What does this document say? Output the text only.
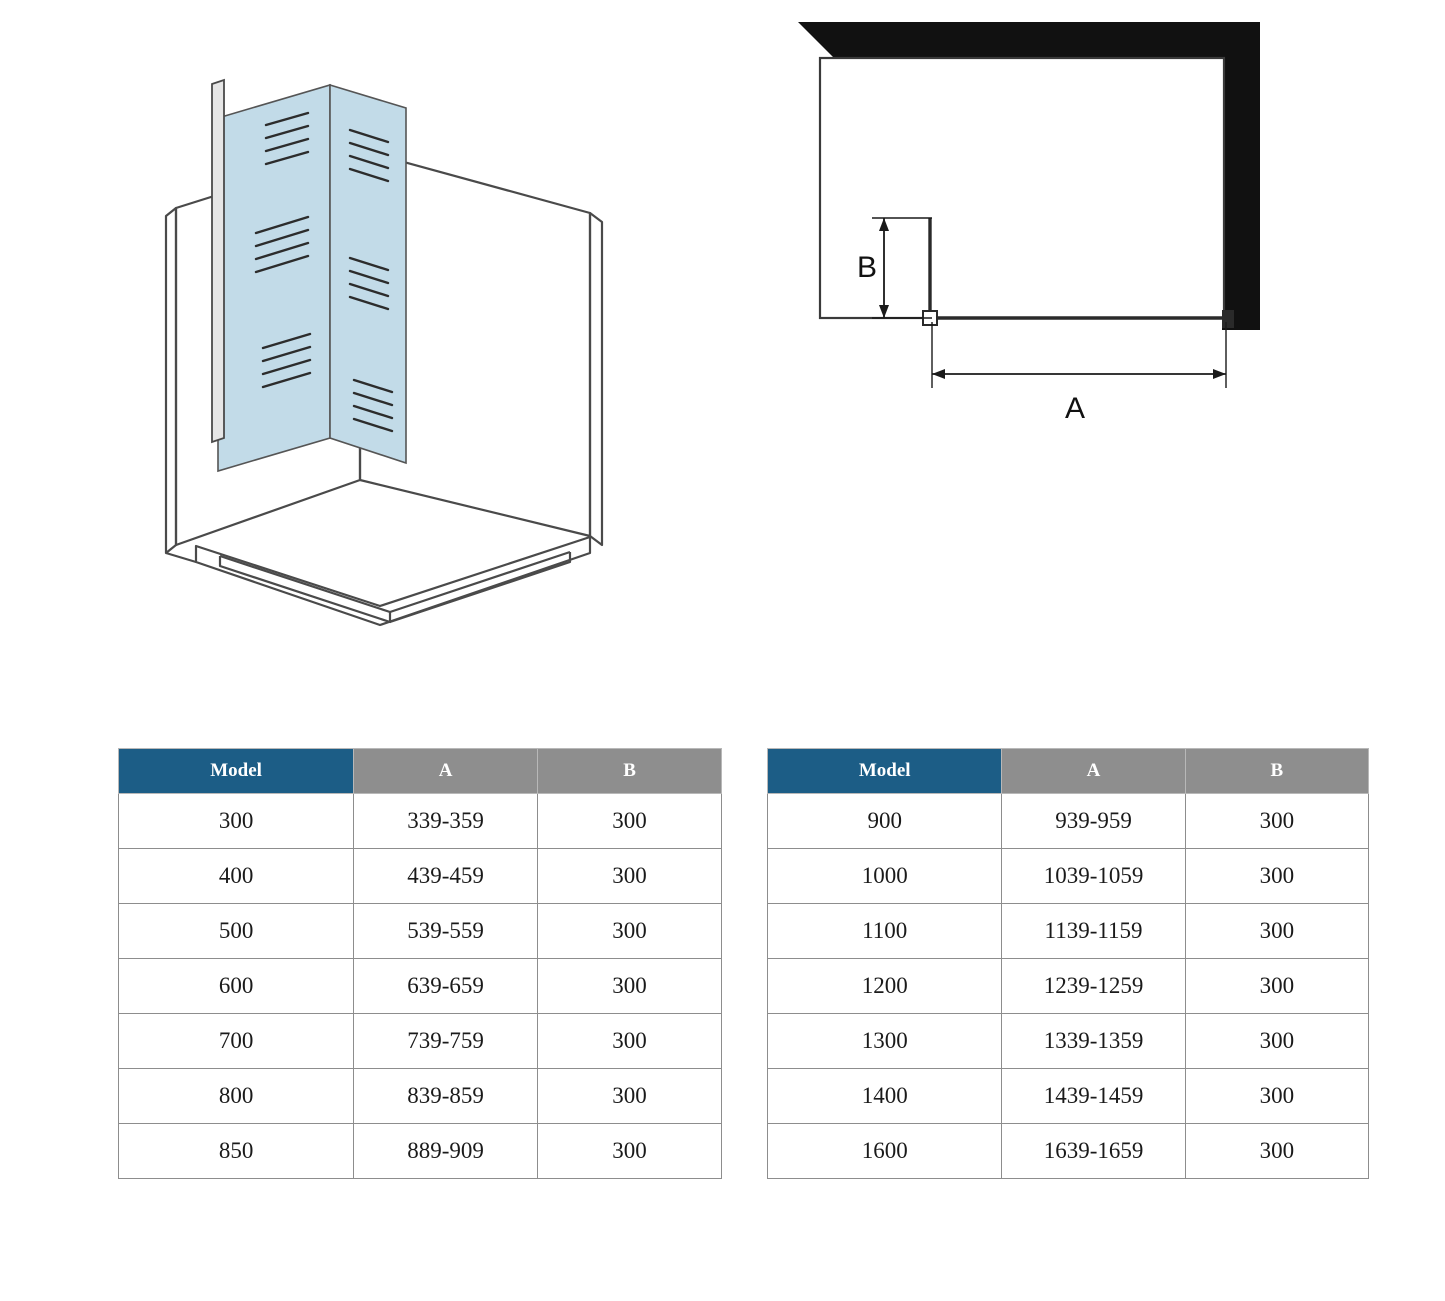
B
A
Model	A	B
300	339-359	300
400	439-459	300
500	539-559	300
600	639-659	300
700	739-759	300
800	839-859	300
850	889-909	300
Model	A	B
900	939-959	300
1000	1039-1059	300
1100	1139-1159	300
1200	1239-1259	300
1300	1339-1359	300
1400	1439-1459	300
1600	1639-1659	300
